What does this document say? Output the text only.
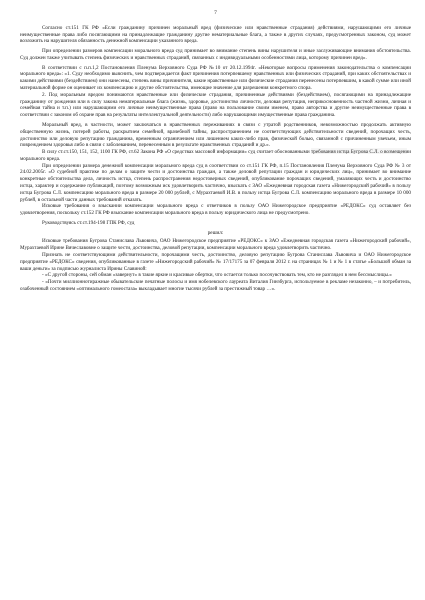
7

Согласно ст.151 ГК РФ «Если гражданину причинен моральный вред (физические или нравственные страдания) действиями, нарушающими его личные неимущественные права либо посягающими на принадлежащие гражданину другие нематериальные блага, а также в других случаях, предусмотренных законом, суд может возложить на нарушителя обязанность денежной компенсации указанного вреда.

При определении размеров компенсации морального вреда суд принимает во внимание степень вины нарушителя и иные заслуживающие внимания обстоятельства. Суд должен также учитывать степень физических и нравственных страданий, связанных с индивидуальными особенностями лица, которому причинен вред».

В соответствии с п.п.1,2 Постановления Пленума Верховного Суда РФ №10 от 20.12.1994г. «Некоторые вопросы применения законодательства о компенсации морального вреда»: «1. Суду необходимо выяснить, чем подтверждается факт причинения потерпевшему нравственных или физических страданий, при каких обстоятельствах и какими действиями (бездействием) они нанесены, степень вины причинителя, какие нравственные или физические страдания перенесены потерпевшим, в какой сумме или иной материальной форме он оценивает их компенсацию и другие обстоятельства, имеющие значение для разрешения конкретного спора.

2. Под моральным вредом понимаются нравственные или физические страдания, причиненные действиями (бездействием), посягающими на принадлежащие гражданину от рождения или в силу закона нематериальные блага (жизнь, здоровье, достоинство личности, деловая репутация, неприкосновенность частной жизни, личная и семейная тайна и т.п.) или нарушающими его личные неимущественные права (право на пользование своим именем, право авторства и другие неимущественные права в соответствии с законом об охране прав на результаты интеллектуальной деятельности) либо нарушающими имущественные права гражданина.

Моральный вред, в частности, может заключаться в нравственных переживаниях в связи с утратой родственников, невозможностью продолжать активную общественную жизнь, потерей работы, раскрытием семейной, врачебной тайны, распространением не соответствующих действительности сведений, порочащих честь, достоинство или деловую репутацию гражданина, временным ограничением или лишением каких-либо прав, физической болью, связанной с причиненным увечьем, иным повреждением здоровья либо в связи с заболеванием, перенесенным в результате нравственных страданий и др.».

В силу ст.ст.150, 151, 152, 1100 ГК РФ, ст.62 Закона РФ «О средствах массовой информации» суд считает обоснованными требования истца Бугрова С.Л. о возмещении морального вреда.

При определении размера денежной компенсации морального вреда суд в соответствии со ст.151 ГК РФ, п.15 Постановления Пленума Верховного Суда РФ № 3 от 24.02.2005г. «О судебной практике по делам о защите чести и достоинства граждан, а также деловой репутации граждан и юридических лиц», принимает во внимание конкретные обстоятельства дела, личность истца, степень распространения недостоверных сведений, опубликование порочащих сведений, умаляющих честь и достоинство истца, характер и содержание публикаций, поэтому возможным иск удовлетворить частично, взыскать с ЗАО «Ежедневная городская газета «Нижегородский рабочий» в пользу истца Бугрова С.Л. компенсацию морального вреда в размере 20 000 рублей, с Мурахтаевой И.В. в пользу истца Бугрова С.Л. компенсацию морального вреда в размере 10 000 рублей, в остальной части данных требований отказать.

Исковые требования о взыскании компенсации морального вреда с ответчиков в пользу ОАО Нижегородское предприятие «РЕДОКС» суд оставляет без удовлетворения, поскольку ст.152 ГК РФ взыскание компенсации морального вреда в пользу юридического лица не предусмотрено.

Руководствуясь ст.ст.194-198 ГПК РФ, суд

решил:

Исковые требования Бугрова Станислава Львовича, ОАО Нижегородское предприятие «РЕДОКС» к ЗАО «Ежедневная городская газета «Нижегородский рабочий», Мурахтаевой Ирине Вячеславовне о защите чести, достоинства, деловой репутации, компенсации морального вреда удовлетворить частично.

Признать не соответствующими действительности, порочащими честь, достоинство, деловую репутацию Бугрова Станислава Львовича и ОАО Нижегородское предприятие «РЕДОКС» сведения, опубликованные в газете «Нижегородский рабочий» № 17/17175 за 07 февраля 2012 г. на страницах № 1 и № 1 в статье «Большой обман за ваши деньги» за подписью журналиста Ирины Славиной:

- «С другой стороны, сей обман «завернут» в такие яркие и красивые обертки, что остается только посочувствовать тем, кто не разглядел в нем бессмыслицы.»

- «Почти миллионнотиражные обывательские печатные полосы и имя нобелевского лауреата Виталия Гинзбурга, используемое в рекламе незаконно, – и потребитель, озабоченный состоянием «оптимального гомеостаза» выкладывает многие тысячи рублей за престижный товар …».
